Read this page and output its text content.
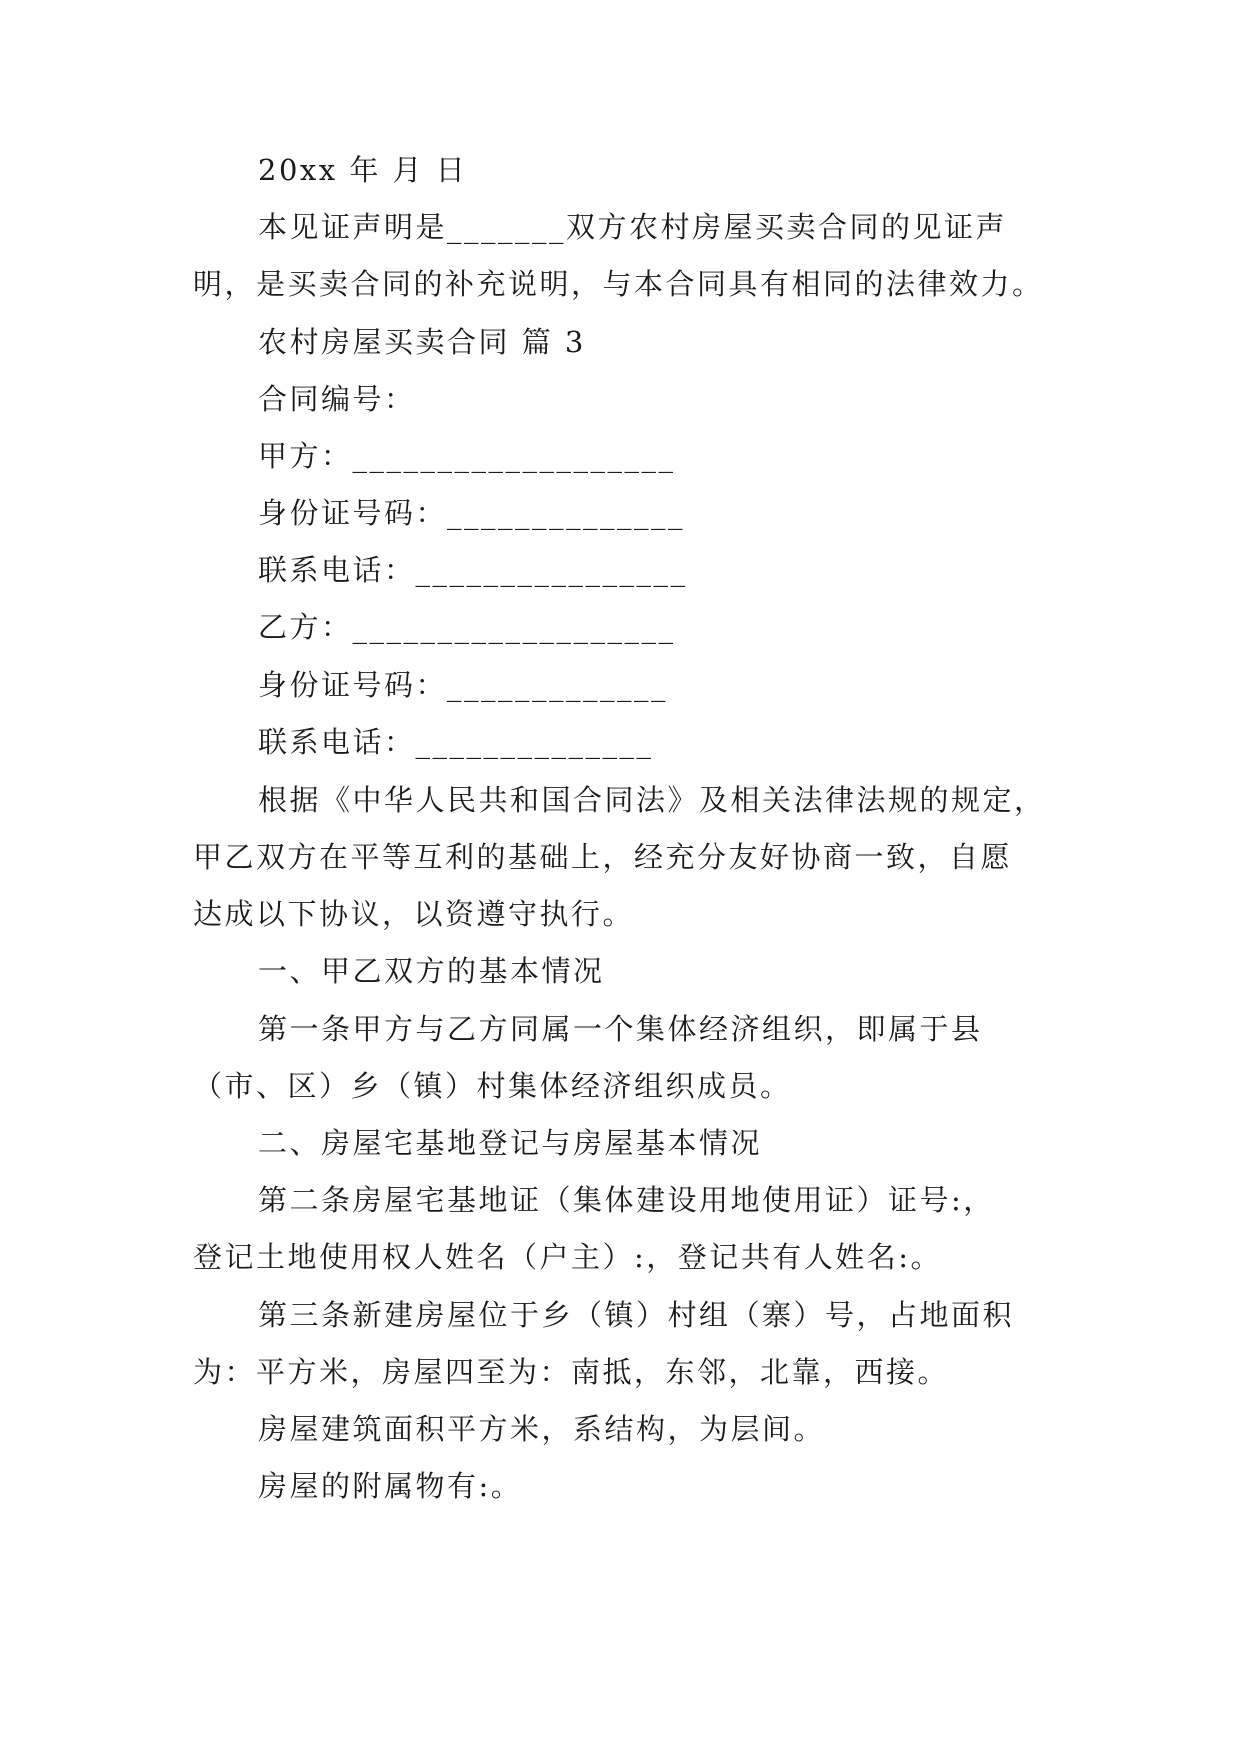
20xx 年 月 日
本见证声明是_______双方农村房屋买卖合同的见证声
明，是买卖合同的补充说明，与本合同具有相同的法律效力。
农村房屋买卖合同 篇 3
合同编号：
甲方：___________________
身份证号码：______________
联系电话：________________
乙方：___________________
身份证号码：_____________
联系电话：______________
根据《中华人民共和国合同法》及相关法律法规的规定，
甲乙双方在平等互利的基础上，经充分友好协商一致，自愿
达成以下协议，以资遵守执行。
一、甲乙双方的基本情况
第一条甲方与乙方同属一个集体经济组织，即属于县
（市、区）乡（镇）村集体经济组织成员。
二、房屋宅基地登记与房屋基本情况
第二条房屋宅基地证（集体建设用地使用证）证号:，
登记土地使用权人姓名（户主）:，登记共有人姓名:。
第三条新建房屋位于乡（镇）村组（寨）号，占地面积
为：平方米，房屋四至为：南抵，东邻，北靠，西接。
房屋建筑面积平方米，系结构，为层间。
房屋的附属物有:。
